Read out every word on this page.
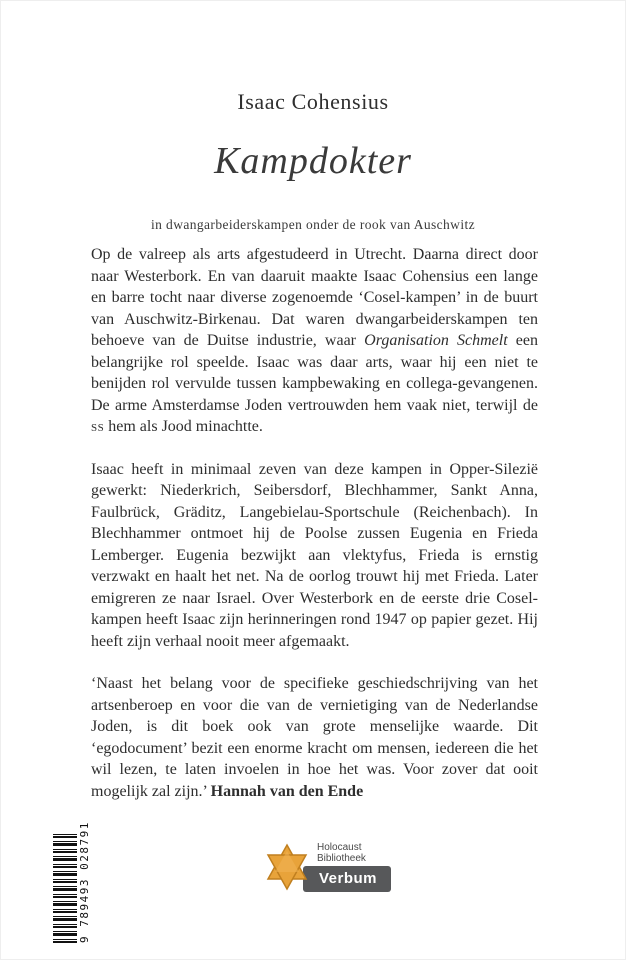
Isaac Cohensius
Kampdokter
in dwangarbeiderskampen onder de rook van Auschwitz

Op de valreep als arts afgestudeerd in Utrecht. Daarna direct door naar Westerbork. En van daaruit maakte Isaac Cohensius een lange en barre tocht naar diverse zogenoemde ‘Cosel-kampen’ in de buurt van Auschwitz-Birkenau. Dat waren dwangarbeiderskampen ten behoeve van de Duitse industrie, waar Organisation Schmelt een belangrijke rol speelde. Isaac was daar arts, waar hij een niet te benijden rol vervulde tussen kampbewaking en collega-gevangenen. De arme Amsterdamse Joden vertrouwden hem vaak niet, terwijl de ss hem als Jood minachtte.

Isaac heeft in minimaal zeven van deze kampen in Opper-Silezië gewerkt: Niederkrich, Seibersdorf, Blechhammer, Sankt Anna, Faulbrück, Gräditz, Langebielau-Sportschule (Reichenbach). In Blechhammer ontmoet hij de Poolse zussen Eugenia en Frieda Lemberger. Eugenia bezwijkt aan vlektyfus, Frieda is ernstig verzwakt en haalt het net. Na de oorlog trouwt hij met Frieda. Later emigreren ze naar Israel. Over Westerbork en de eerste drie Cosel-kampen heeft Isaac zijn herinneringen rond 1947 op papier gezet. Hij heeft zijn verhaal nooit meer afgemaakt.

‘Naast het belang voor de specifieke geschiedschrijving van het artsenberoep en voor die van de vernietiging van de Nederlandse Joden, is dit boek ook van grote menselijke waarde. Dit ‘egodocument’ bezit een enorme kracht om mensen, iedereen die het wil lezen, te laten invoelen in hoe het was. Voor zover dat ooit mogelijk zal zijn.’ Hannah van den Ende

9 789493 028791	Holocaust
Bibliotheek
Verbum
